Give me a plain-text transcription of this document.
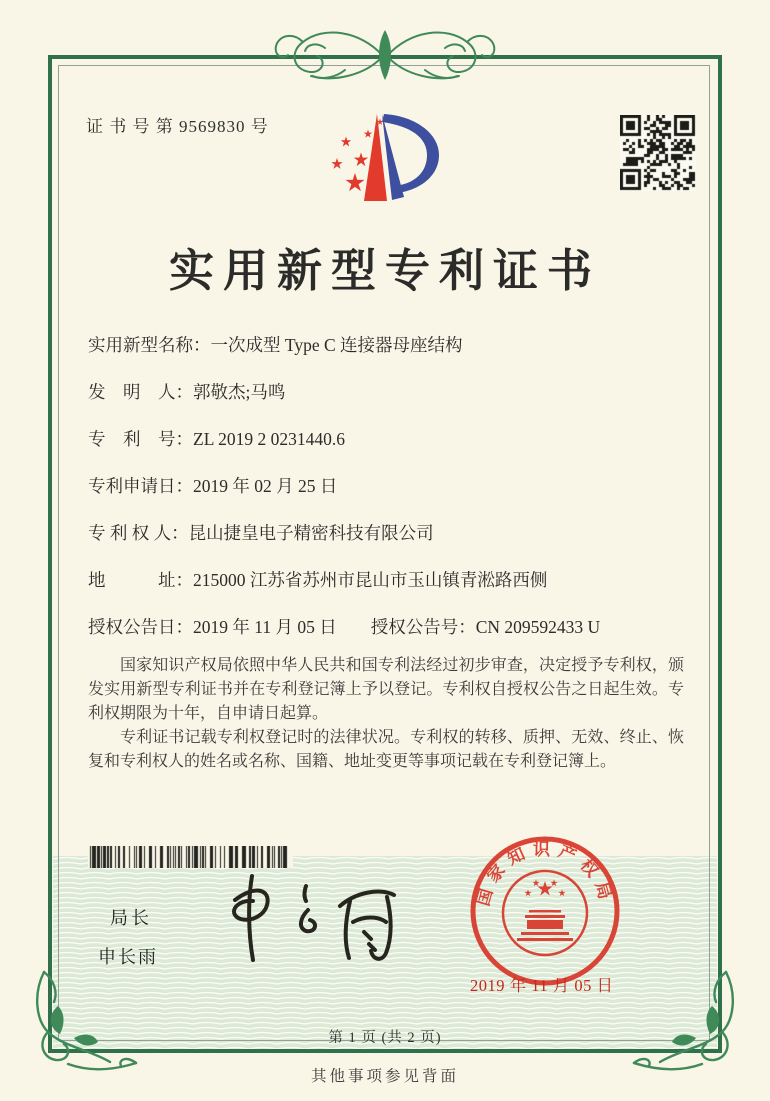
证 书 号 第 9569830 号
实用新型专利证书
实用新型名称： 一次成型 Type C 连接器母座结构
发　明　人： 郭敬杰;马鸣
专　利　号： ZL 2019 2 0231440.6
专利申请日： 2019 年 02 月 25 日
专 利 权 人： 昆山捷皇电子精密科技有限公司
地　　　址： 215000 江苏省苏州市昆山市玉山镇青淞路西侧
授权公告日： 2019 年 11 月 05 日 授权公告号： CN 209592433 U

国家知识产权局依照中华人民共和国专利法经过初步审查，决定授予专利权，颁发实用新型专利证书并在专利登记簿上予以登记。专利权自授权公告之日起生效。专利权期限为十年，自申请日起算。

专利证书记载专利权登记时的法律状况。专利权的转移、质押、无效、终止、恢复和专利权人的姓名或名称、国籍、地址变更等事项记载在专利登记簿上。

局长
申长雨
国家知识产权局
2019 年 11 月 05 日
第 1 页 (共 2 页)
其他事项参见背面
